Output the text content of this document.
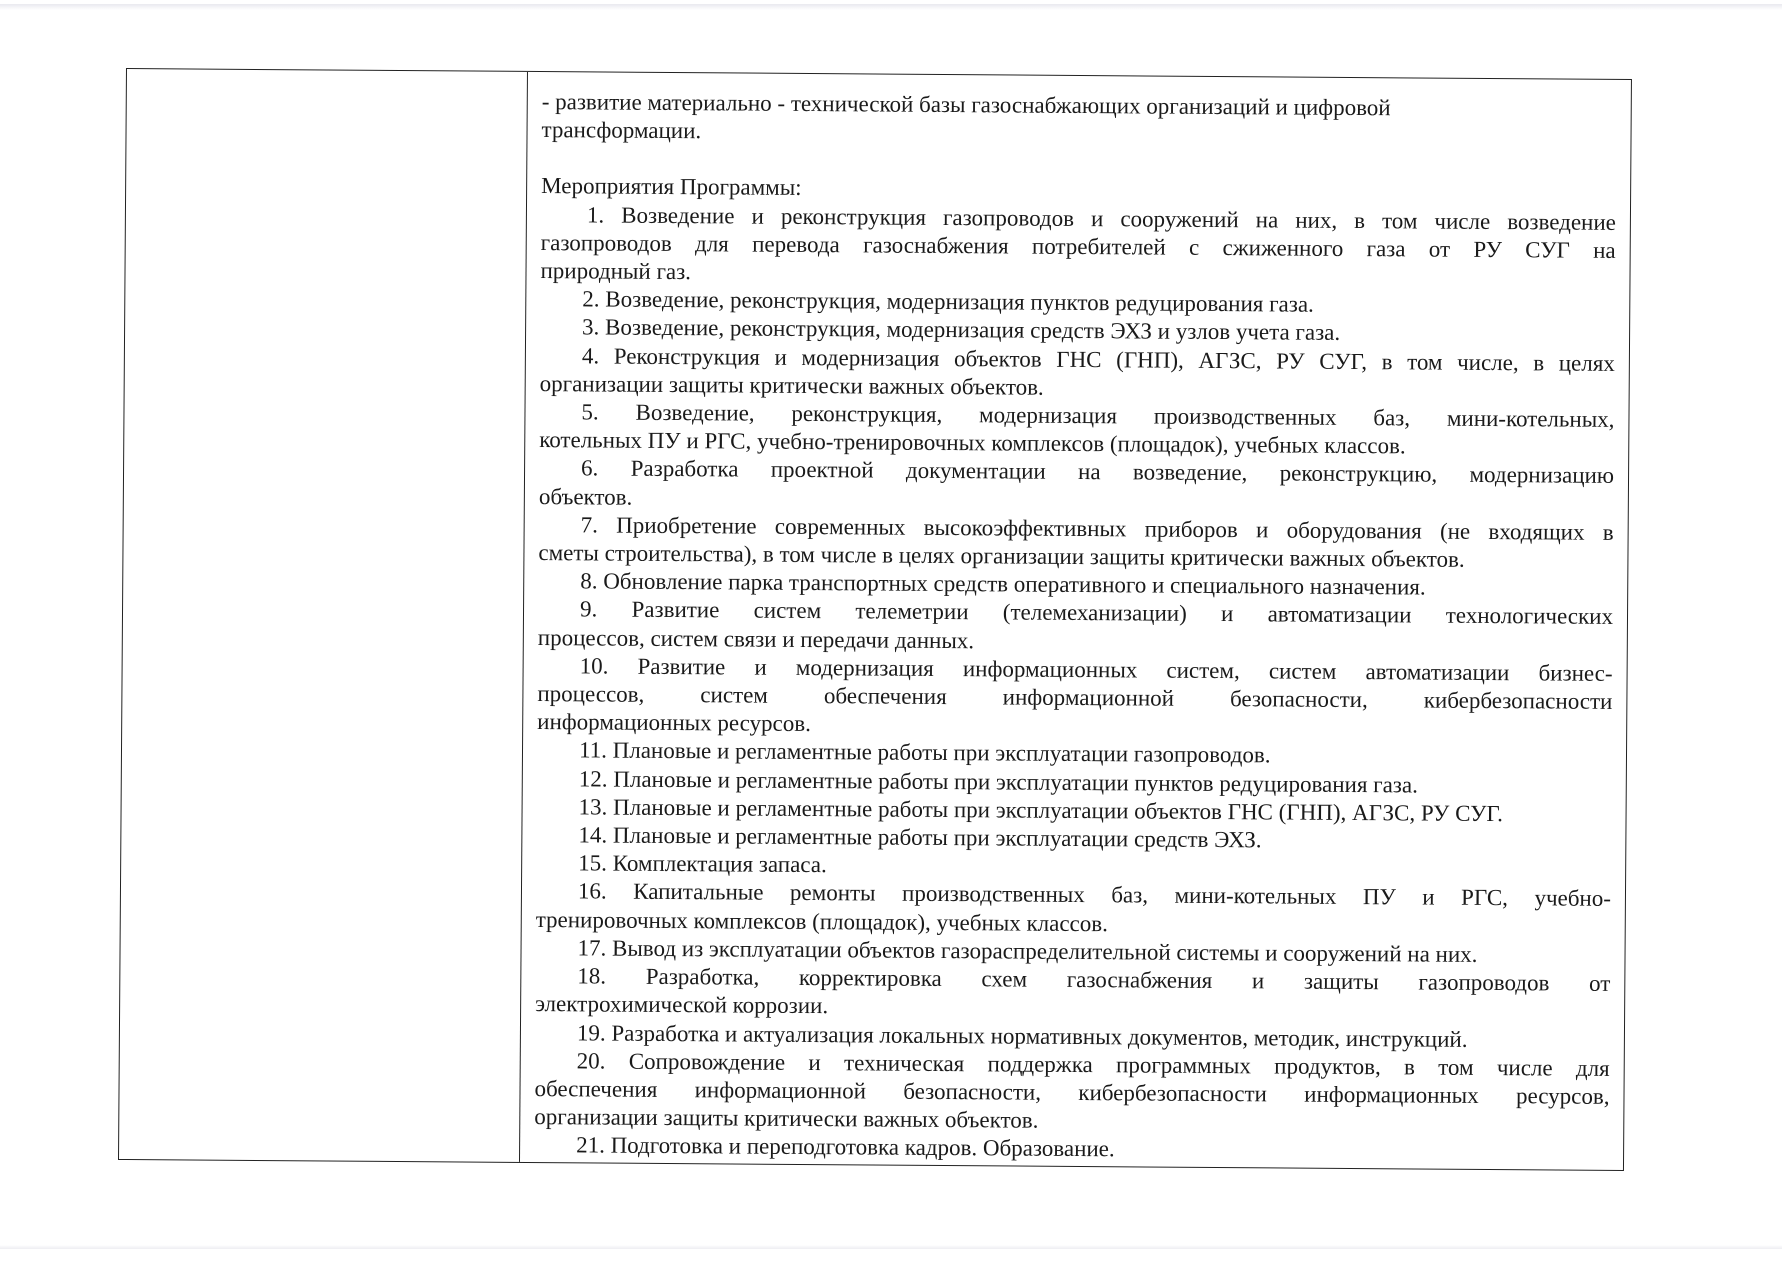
- развитие материально - технической базы газоснабжающих организаций и цифровой

трансформации.

Мероприятия Программы:

1. Возведение и реконструкция газопроводов и сооружений на них, в том числе возведение

газопроводов для перевода газоснабжения потребителей с сжиженного газа от РУ СУГ на

природный газ.

2. Возведение, реконструкция, модернизация пунктов редуцирования газа.

3. Возведение, реконструкция, модернизация средств ЭХЗ и узлов учета газа.

4. Реконструкция и модернизация объектов ГНС (ГНП), АГЗС, РУ СУГ, в том числе, в целях

организации защиты критически важных объектов.

5. Возведение, реконструкция, модернизация производственных баз, мини-котельных,

котельных ПУ и РГС, учебно-тренировочных комплексов (площадок), учебных классов.

6. Разработка проектной документации на возведение, реконструкцию, модернизацию

объектов.

7. Приобретение современных высокоэффективных приборов и оборудования (не входящих в

сметы строительства), в том числе в целях организации защиты критически важных объектов.

8. Обновление парка транспортных средств оперативного и специального назначения.

9. Развитие систем телеметрии (телемеханизации) и автоматизации технологических

процессов, систем связи и передачи данных.

10. Развитие и модернизация информационных систем, систем автоматизации бизнес-

процессов, систем обеспечения информационной безопасности, кибербезопасности

информационных ресурсов.

11. Плановые и регламентные работы при эксплуатации газопроводов.

12. Плановые и регламентные работы при эксплуатации пунктов редуцирования газа.

13. Плановые и регламентные работы при эксплуатации объектов ГНС (ГНП), АГЗС, РУ СУГ.

14. Плановые и регламентные работы при эксплуатации средств ЭХЗ.

15. Комплектация запаса.

16. Капитальные ремонты производственных баз, мини-котельных ПУ и РГС, учебно-

тренировочных комплексов (площадок), учебных классов.

17. Вывод из эксплуатации объектов газораспределительной системы и сооружений на них.

18. Разработка, корректировка схем газоснабжения и защиты газопроводов от

электрохимической коррозии.

19. Разработка и актуализация локальных нормативных документов, методик, инструкций.

20. Сопровождение и техническая поддержка программных продуктов, в том числе для

обеспечения информационной безопасности, кибербезопасности информационных ресурсов,

организации защиты критически важных объектов.

21. Подготовка и переподготовка кадров. Образование.
